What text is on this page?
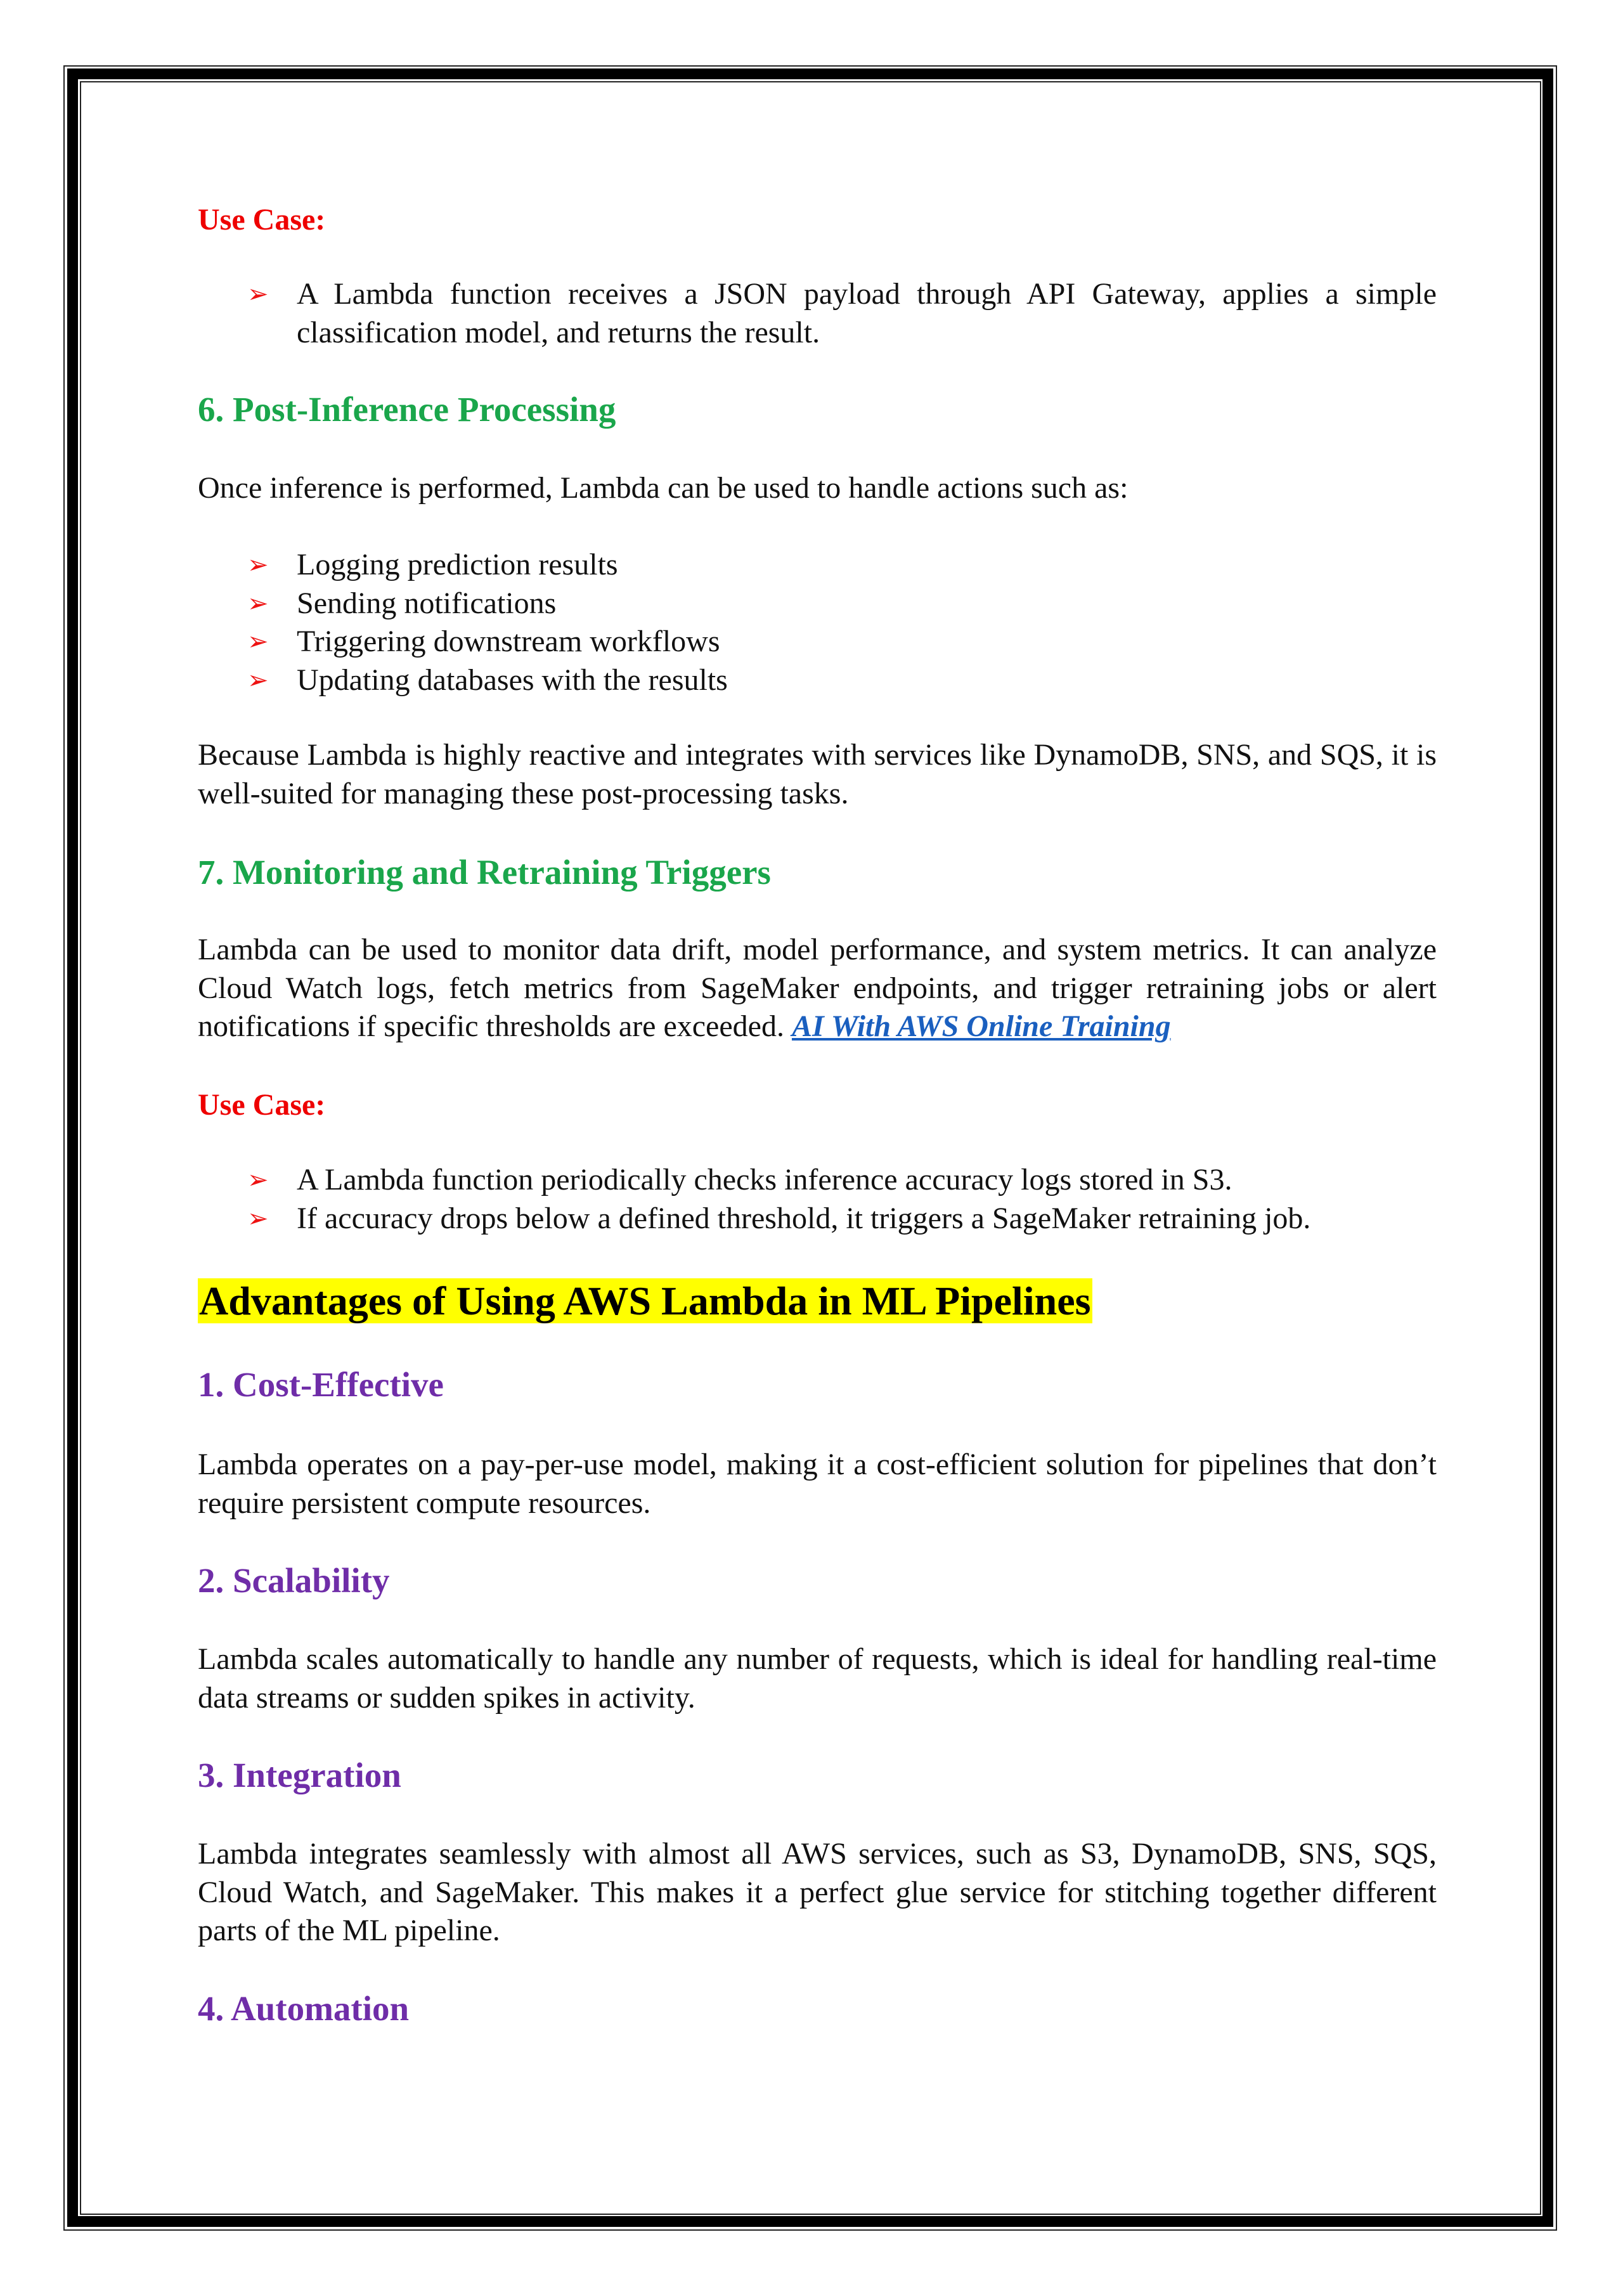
Use Case:
➢ A Lambda function receives a JSON payload through API Gateway, applies a simple classification model, and returns the result.
6. Post-Inference Processing
Once inference is performed, Lambda can be used to handle actions such as:
➢ Logging prediction results
➢ Sending notifications
➢ Triggering downstream workflows
➢ Updating databases with the results
Because Lambda is highly reactive and integrates with services like DynamoDB, SNS, and SQS, it is well-suited for managing these post-processing tasks.
7. Monitoring and Retraining Triggers
Lambda can be used to monitor data drift, model performance, and system metrics. It can analyze Cloud Watch logs, fetch metrics from SageMaker endpoints, and trigger retraining jobs or alert notifications if specific thresholds are exceeded. AI With AWS Online Training
Use Case:
➢ A Lambda function periodically checks inference accuracy logs stored in S3.
➢ If accuracy drops below a defined threshold, it triggers a SageMaker retraining job.
Advantages of Using AWS Lambda in ML Pipelines
1. Cost-Effective
Lambda operates on a pay-per-use model, making it a cost-efficient solution for pipelines that don’t require persistent compute resources.
2. Scalability
Lambda scales automatically to handle any number of requests, which is ideal for handling real-time data streams or sudden spikes in activity.
3. Integration
Lambda integrates seamlessly with almost all AWS services, such as S3, DynamoDB, SNS, SQS, Cloud Watch, and SageMaker. This makes it a perfect glue service for stitching together different parts of the ML pipeline.
4. Automation
